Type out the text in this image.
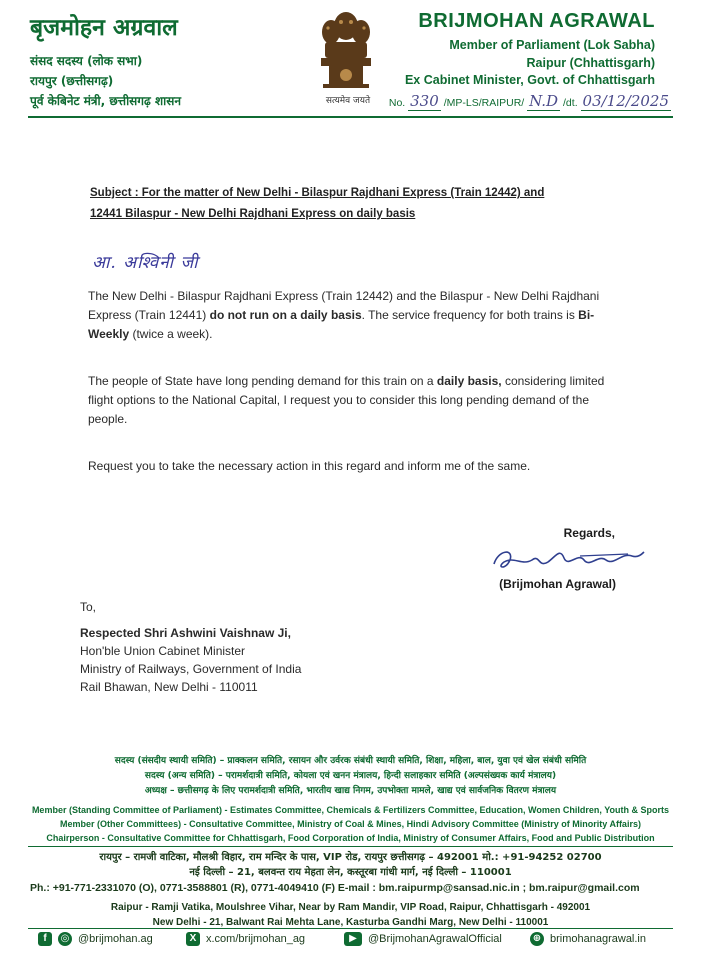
बृजमोहन अग्रवाल
संसद सदस्य (लोक सभा)
रायपुर (छत्तीसगढ़)
पूर्व केबिनेट मंत्री, छत्तीसगढ़ शासन	सत्यमेव जयते
BRIJMOHAN AGRAWAL
Member of Parliament (Lok Sabha)
Raipur (Chhattisgarh)
Ex Cabinet Minister, Govt. of Chhattisgarh
No. 330 /MP-LS/RAIPUR/ N.D /dt. 03/12/2025
Subject : For the matter of New Delhi - Bilaspur Rajdhani Express (Train 12442) and
12441 Bilaspur - New Delhi Rajdhani Express on daily basis
आ. अश्विनी जी
The New Delhi - Bilaspur Rajdhani Express (Train 12442) and the Bilaspur - New Delhi Rajdhani Express (Train 12441) do not run on a daily basis. The service frequency for both trains is Bi-Weekly (twice a week).
The people of State have long pending demand for this train on a daily basis, considering limited flight options to the National Capital, I request you to consider this long pending demand of the people.
Request you to take the necessary action in this regard and inform me of the same.
Regards,
(Brijmohan Agrawal)
To,
Respected Shri Ashwini Vaishnaw Ji,
Hon'ble Union Cabinet Minister
Ministry of Railways, Government of India
Rail Bhawan, New Delhi - 110011
सदस्य (संसदीय स्थायी समिति) – प्राक्कलन समिति, रसायन और उर्वरक संबंधी स्थायी समिति, शिक्षा, महिला, बाल, युवा एवं खेल संबंधी समिति
सदस्य (अन्य समिति) – परामर्शदात्री समिति, कोयला एवं खनन मंत्रालय, हिन्दी सलाहकार समिति (अल्पसंख्यक कार्य मंत्रालय)
अध्यक्ष – छत्तीसगढ़ के लिए परामर्शदात्री समिति, भारतीय खाद्य निगम, उपभोक्ता मामले, खाद्य एवं सार्वजनिक वितरण मंत्रालय
Member (Standing Committee of Parliament) - Estimates Committee, Chemicals & Fertilizers Committee, Education, Women Children, Youth & Sports
Member (Other Committees) - Consultative Committee, Ministry of Coal & Mines, Hindi Advisory Committee (Ministry of Minority Affairs)
Chairperson - Consultative Committee for Chhattisgarh, Food Corporation of India, Ministry of Consumer Affairs, Food and Public Distribution
रायपुर – रामजी वाटिका, मौलश्री विहार, राम मन्दिर के पास, VIP रोड, रायपुर छत्तीसगढ़ – 492001 मो.: +91-94252 02700
नई दिल्ली – 21, बलवन्त राय मेहता लेन, कस्तूरबा गांधी मार्ग, नई दिल्ली – 110001
Ph.: +91-771-2331070 (O), 0771-3588801 (R), 0771-4049410 (F) E-mail : bm.raipurmp@sansad.nic.in ; bm.raipur@gmail.com
Raipur - Ramji Vatika, Moulshree Vihar, Near by Ram Mandir, VIP Road, Raipur, Chhattisgarh - 492001
New Delhi - 21, Balwant Rai Mehta Lane, Kasturba Gandhi Marg, New Delhi - 110001
f	◎ @brijmohan.ag	X x.com/brijmohan_ag	▶	@BrijmohanAgrawalOfficial	⊕ brimohanagrawal.in
